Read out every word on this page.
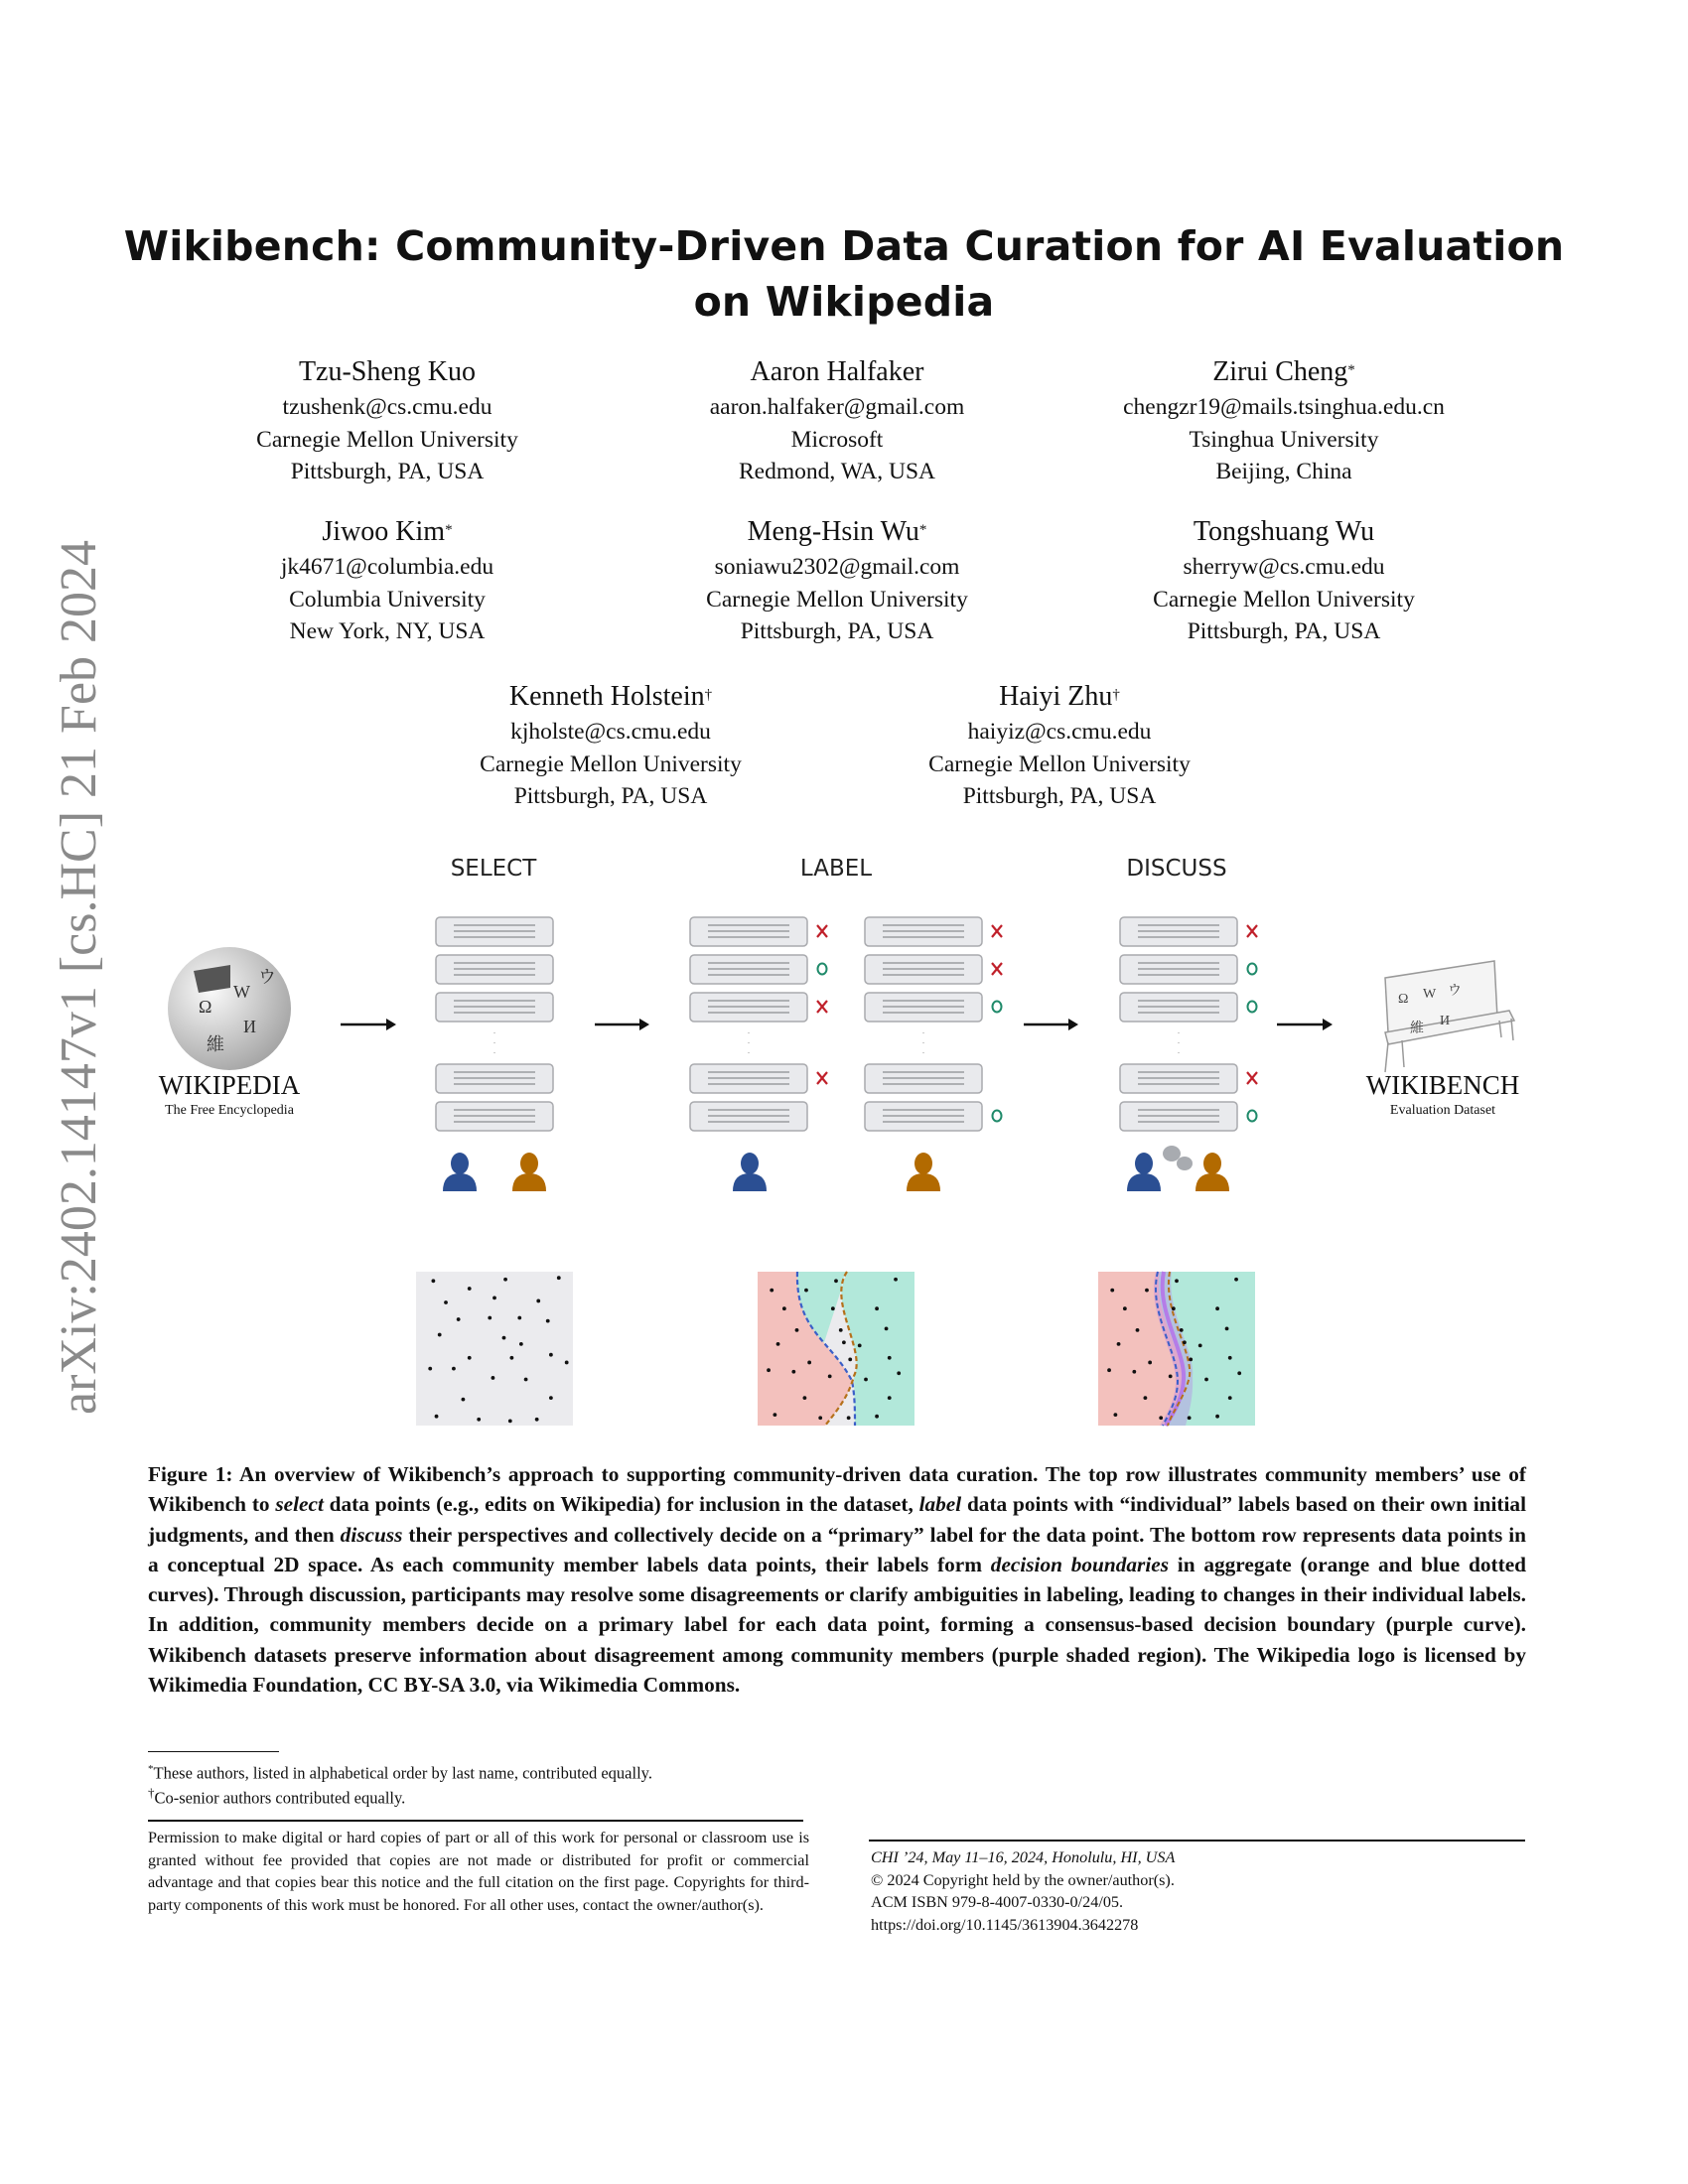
arXiv:2402.14147v1 [cs.HC] 21 Feb 2024
Wikibench: Community-Driven Data Curation for AI Evaluation on Wikipedia
Tzu-Sheng Kuo
tzushenk@cs.cmu.edu
Carnegie Mellon University
Pittsburgh, PA, USA
Aaron Halfaker
aaron.halfaker@gmail.com
Microsoft
Redmond, WA, USA
Zirui Cheng*
chengzr19@mails.tsinghua.edu.cn
Tsinghua University
Beijing, China
Jiwoo Kim*
jk4671@columbia.edu
Columbia University
New York, NY, USA
Meng-Hsin Wu*
soniawu2302@gmail.com
Carnegie Mellon University
Pittsburgh, PA, USA
Tongshuang Wu
sherryw@cs.cmu.edu
Carnegie Mellon University
Pittsburgh, PA, USA
Kenneth Holstein†
kjholste@cs.cmu.edu
Carnegie Mellon University
Pittsburgh, PA, USA
Haiyi Zhu†
haiyiz@cs.cmu.edu
Carnegie Mellon University
Pittsburgh, PA, USA
SELECT	LABEL	DISCUSS
Ω
W
И
維
ウ
WIKIPEDIA
The Free Encyclopedia
Ω W ウ
維
И
WIKIBENCH
Evaluation Dataset
Figure 1: An overview of Wikibench’s approach to supporting community-driven data curation. The top row illustrates community members’ use of Wikibench to select data points (e.g., edits on Wikipedia) for inclusion in the dataset, label data points with “individual” labels based on their own initial judgments, and then discuss their perspectives and collectively decide on a “primary” label for the data point. The bottom row represents data points in a conceptual 2D space. As each community member labels data points, their labels form decision boundaries in aggregate (orange and blue dotted curves). Through discussion, participants may resolve some disagreements or clarify ambiguities in labeling, leading to changes in their individual labels. In addition, community members decide on a primary label for each data point, forming a consensus-based decision boundary (purple curve). Wikibench datasets preserve information about disagreement among community members (purple shaded region). The Wikipedia logo is licensed by Wikimedia Foundation, CC BY-SA 3.0, via Wikimedia Commons.
*These authors, listed in alphabetical order by last name, contributed equally.
†Co-senior authors contributed equally.
Permission to make digital or hard copies of part or all of this work for personal or classroom use is granted without fee provided that copies are not made or distributed for profit or commercial advantage and that copies bear this notice and the full citation on the first page. Copyrights for third-party components of this work must be honored. For all other uses, contact the owner/author(s).
CHI ’24, May 11–16, 2024, Honolulu, HI, USA
© 2024 Copyright held by the owner/author(s).
ACM ISBN 979-8-4007-0330-0/24/05.
https://doi.org/10.1145/3613904.3642278
